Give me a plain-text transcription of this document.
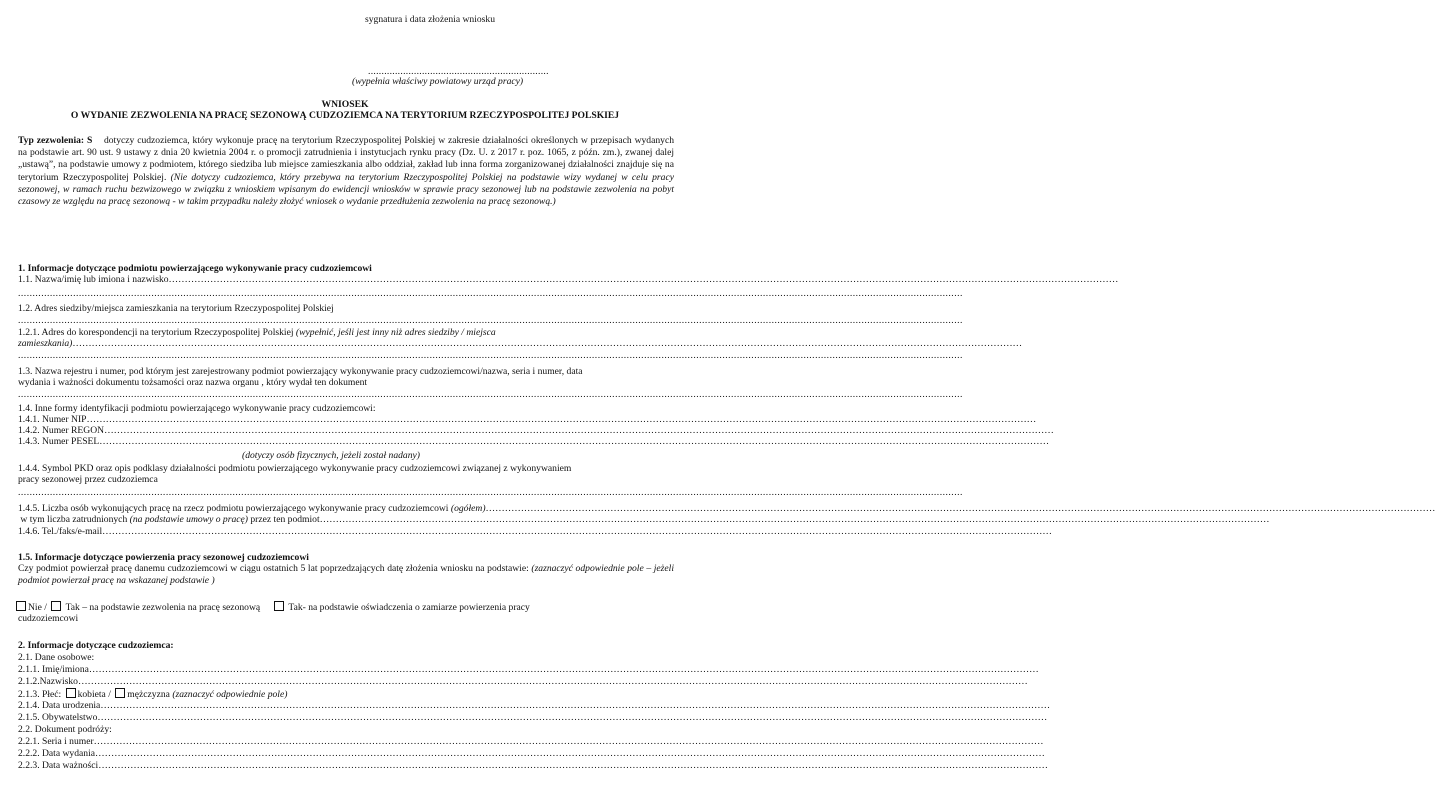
sygnatura i data złożenia wniosku
...................................................................
(wypełnia właściwy powiatowy urząd pracy)
WNIOSEK
O WYDANIE ZEZWOLENIA NA PRACĘ SEZONOWĄ CUDZOZIEMCA NA TERYTORIUM RZECZYPOSPOLITEJ POLSKIEJ
Typ zezwolenia: S dotyczy cudzoziemca, który wykonuje pracę na terytorium Rzeczypospolitej Polskiej w zakresie działalności określonych w przepisach wydanych na podstawie art. 90 ust. 9 ustawy z dnia 20 kwietnia 2004 r. o promocji zatrudnienia i instytucjach rynku pracy (Dz. U. z 2017 r. poz. 1065, z późn. zm.), zwanej dalej „ustawą”, na podstawie umowy z podmiotem, którego siedziba lub miejsce zamieszkania albo oddział, zakład lub inna forma zorganizowanej działalności znajduje się na terytorium Rzeczypospolitej Polskiej. (Nie dotyczy cudzoziemca, który przebywa na terytorium Rzeczypospolitej Polskiej na podstawie wizy wydanej w celu pracy sezonowej, w ramach ruchu bezwizowego w związku z wnioskiem wpisanym do ewidencji wniosków w sprawie pracy sezonowej lub na podstawie zezwolenia na pobyt czasowy ze względu na pracę sezonową - w takim przypadku należy złożyć wniosek o wydanie przedłużenia zezwolenia na pracę sezonową.)
1. Informacje dotyczące podmiotu powierzającego wykonywanie pracy cudzoziemcowi
1.1. Nazwa/imię lub imiona i nazwisko………………………………………………………………………………………………………………………………………………………………………………………………………………………………………………………………………
......................................................................................................................................................................................................................................................................................................................................
1.2. Adres siedziby/miejsca zamieszkania na terytorium Rzeczypospolitej Polskiej
......................................................................................................................................................................................................................................................................................................................................
1.2.1. Adres do korespondencji na terytorium Rzeczypospolitej Polskiej (wypełnić, jeśli jest inny niż adres siedziby / miejsca
zamieszkania)………………………………………………………………………………………………………………………………………………………………………………………………………………………………………………………………………
......................................................................................................................................................................................................................................................................................................................................
1.3. Nazwa rejestru i numer, pod którym jest zarejestrowany podmiot powierzający wykonywanie pracy cudzoziemcowi/nazwa, seria i numer, data
wydania i ważności dokumentu tożsamości oraz nazwa organu , który wydał ten dokument
......................................................................................................................................................................................................................................................................................................................................
1.4. Inne formy identyfikacji podmiotu powierzającego wykonywanie pracy cudzoziemcowi:
1.4.1. Numer NIP………………………………………………………………………………………………………………………………………………………………………………………………………………………………………………………………………
1.4.2. Numer REGON………………………………………………………………………………………………………………………………………………………………………………………………………………………………………………………………………
1.4.3. Numer PESEL………………………………………………………………………………………………………………………………………………………………………………………………………………………………………………………………………
(dotyczy osób fizycznych, jeżeli został nadany)
1.4.4. Symbol PKD oraz opis podklasy działalności podmiotu powierzającego wykonywanie pracy cudzoziemcowi związanej z wykonywaniem
pracy sezonowej przez cudzoziemca
......................................................................................................................................................................................................................................................................................................................................
1.4.5. Liczba osób wykonujących pracę na rzecz podmiotu powierzającego wykonywanie pracy cudzoziemcowi (ogółem)………………………………………………………………………………………………………………………………………………………………………………………………………………………………………………………………………
w tym liczba zatrudnionych (na podstawie umowy o pracę) przez ten podmiot………………………………………………………………………………………………………………………………………………………………………………………………………………………………………………………………………
1.4.6. Tel./faks/e-mail………………………………………………………………………………………………………………………………………………………………………………………………………………………………………………………………………
1.5. Informacje dotyczące powierzenia pracy sezonowej cudzoziemcowi
Czy podmiot powierzał pracę danemu cudzoziemcowi w ciągu ostatnich 5 lat poprzedzających datę złożenia wniosku na podstawie: (zaznaczyć odpowiednie pole – jeżeli podmiot powierzał pracę na wskazanej podstawie )
Nie / Tak – na podstawie zezwolenia na pracę sezonową	Tak- na podstawie oświadczenia o zamiarze powierzenia pracy
cudzoziemcowi
2. Informacje dotyczące cudzoziemca:
2.1. Dane osobowe:
2.1.1. Imię/imiona………………………………………………………………………………………………………………………………………………………………………………………………………………………………………………………………………
2.1.2.Nazwisko………………………………………………………………………………………………………………………………………………………………………………………………………………………………………………………………………
2.1.3. Płeć: kobieta / mężczyzna (zaznaczyć odpowiednie pole)
2.1.4. Data urodzenia………………………………………………………………………………………………………………………………………………………………………………………………………………………………………………………………………
2.1.5. Obywatelstwo………………………………………………………………………………………………………………………………………………………………………………………………………………………………………………………………………
2.2. Dokument podróży:
2.2.1. Seria i numer………………………………………………………………………………………………………………………………………………………………………………………………………………………………………………………………………
2.2.2. Data wydania………………………………………………………………………………………………………………………………………………………………………………………………………………………………………………………………………
2.2.3. Data ważności………………………………………………………………………………………………………………………………………………………………………………………………………………………………………………………………………
